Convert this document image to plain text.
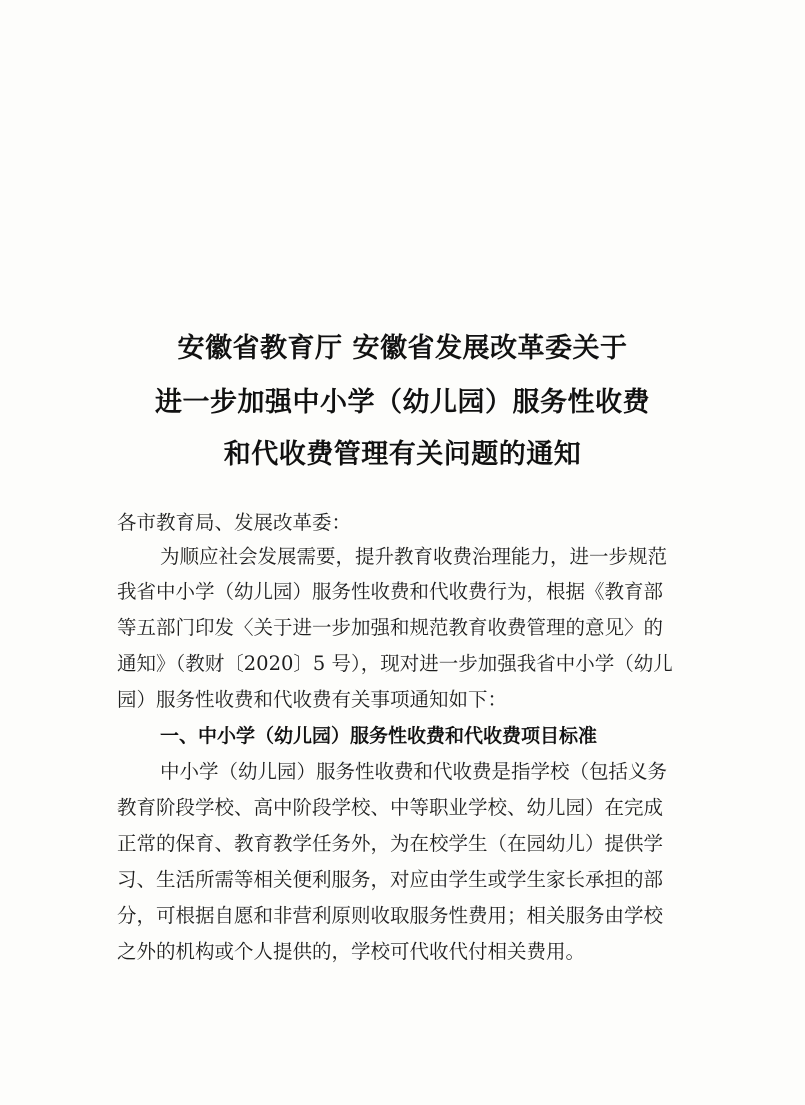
安徽省教育厅 安徽省发展改革委关于
进一步加强中小学（幼儿园）服务性收费
和代收费管理有关问题的通知
各市教育局、发展改革委：
为顺应社会发展需要，提升教育收费治理能力，进一步规范
我省中小学（幼儿园）服务性收费和代收费行为，根据《教育部
等五部门印发〈关于进一步加强和规范教育收费管理的意见〉的
通知》（教财〔2020〕5 号），现对进一步加强我省中小学（幼儿
园）服务性收费和代收费有关事项通知如下：
一、中小学（幼儿园）服务性收费和代收费项目标准
中小学（幼儿园）服务性收费和代收费是指学校（包括义务
教育阶段学校、高中阶段学校、中等职业学校、幼儿园）在完成
正常的保育、教育教学任务外，为在校学生（在园幼儿）提供学
习、生活所需等相关便利服务，对应由学生或学生家长承担的部
分，可根据自愿和非营利原则收取服务性费用；相关服务由学校
之外的机构或个人提供的，学校可代收代付相关费用。
